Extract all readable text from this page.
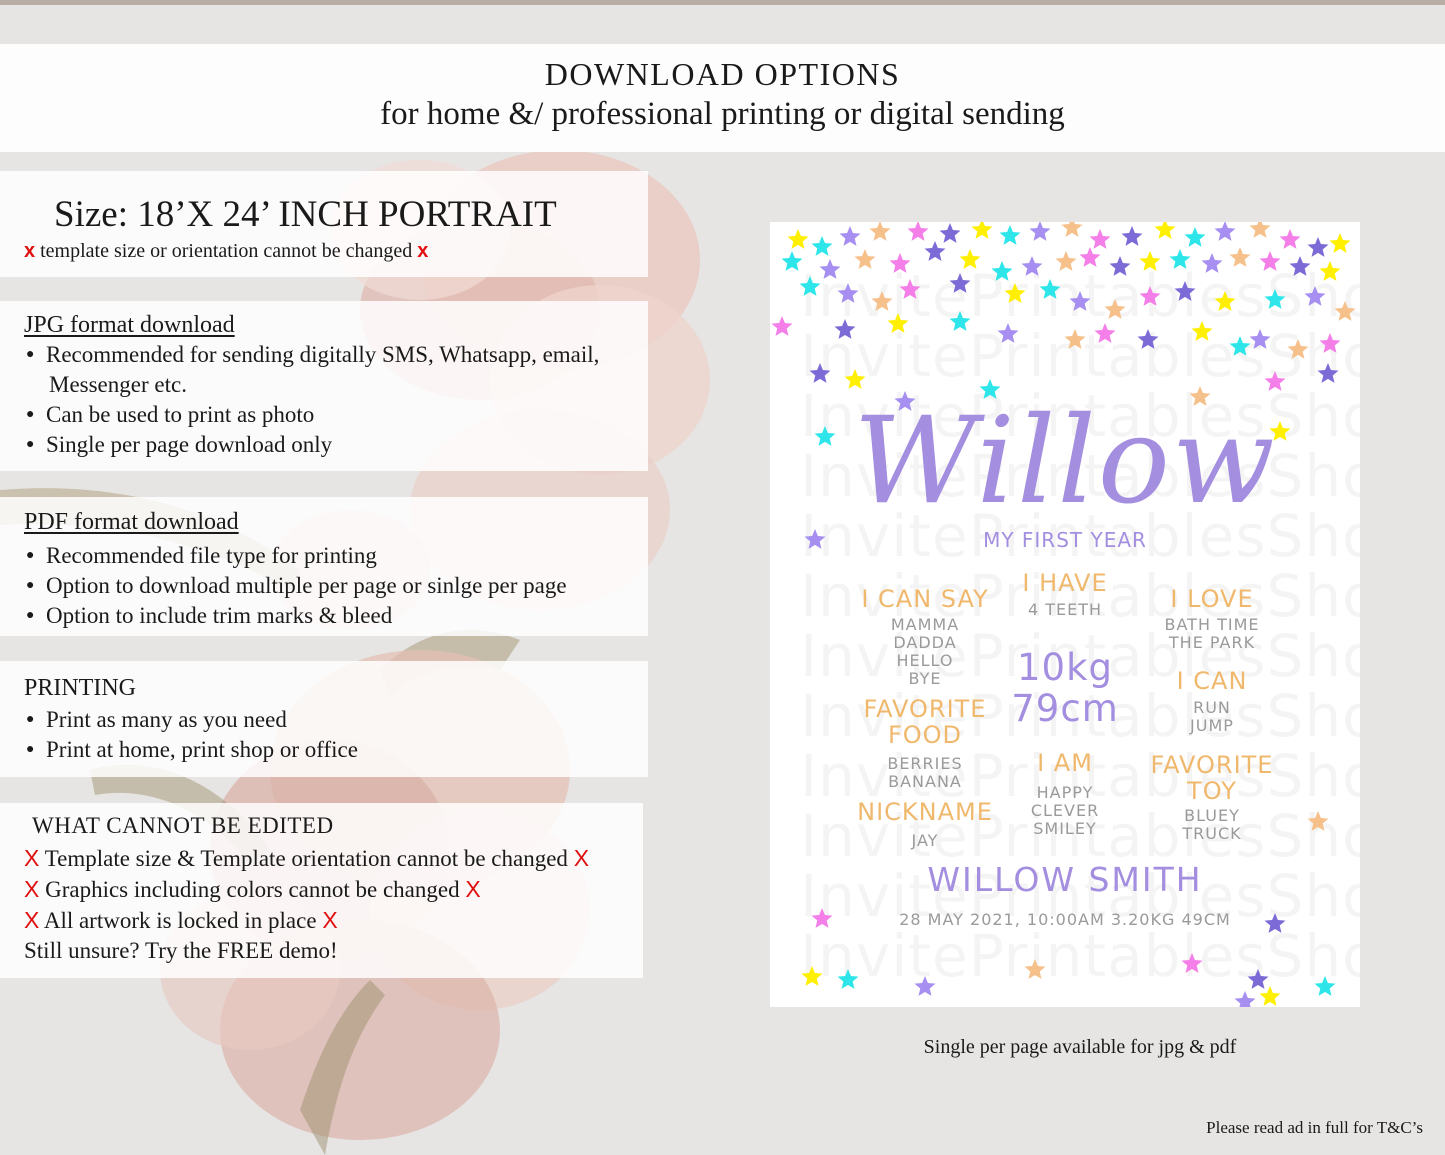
DOWNLOAD OPTIONS
for home &/ professional printing or digital sending
Size: 18’X 24’ INCH PORTRAIT
x template size or orientation cannot be changed x
JPG format download
● Recommended for sending digitally SMS, Whatsapp, email,
Messenger etc.
● Can be used to print as photo
● Single per page download only
PDF format download
● Recommended file type for printing
● Option to download multiple per page or sinlge per page
● Option to include trim marks & bleed
PRINTING
● Print as many as you need
● Print at home, print shop or office
WHAT CANNOT BE EDITED
X Template size & Template orientation cannot be changed X
X Graphics including colors cannot be changed X
X All artwork is locked in place X
Still unsure? Try the FREE demo!
Willow
MY FIRST YEAR
I CAN SAY
MAMMA
DADDA
HELLO
BYE
FAVORITE
FOOD
BERRIES
BANANA
NICKNAME
JAY
I HAVE
4 TEETH
10kg
79cm
I AM
HAPPY
CLEVER
SMILEY
I LOVE
BATH TIME
THE PARK
I CAN
RUN
JUMP
FAVORITE
TOY
BLUEY
TRUCK
WILLOW SMITH
28 MAY 2021, 10:00AM 3.20KG 49CM
Single per page available for jpg & pdf
Please read ad in full for T&C’s
